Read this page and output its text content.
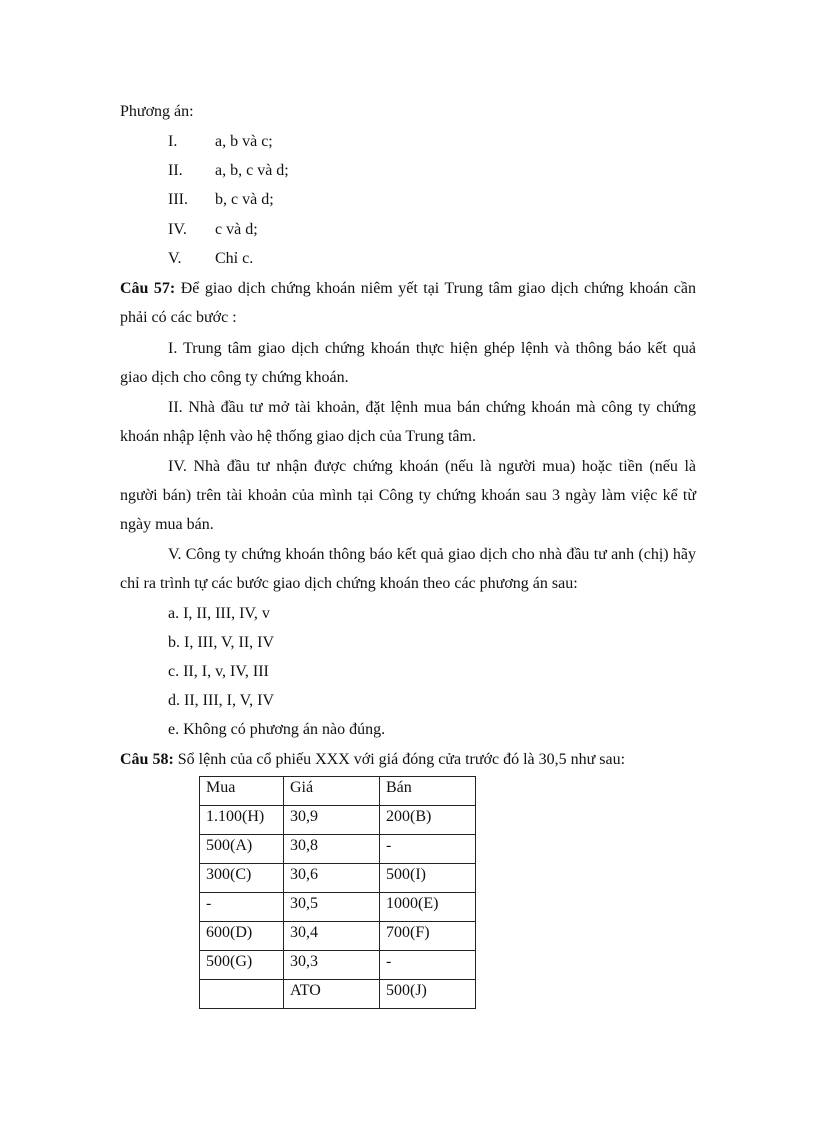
Phương án:
I. a, b và c;
II. a, b, c và d;
III. b, c và d;
IV. c và d;
V. Chỉ c.
Câu 57: Để giao dịch chứng khoán niêm yết tại Trung tâm giao dịch chứng khoán cần
phải có các bước :
I. Trung tâm giao dịch chứng khoán thực hiện ghép lệnh và thông báo kết quả
giao dịch cho công ty chứng khoán.
II. Nhà đầu tư mở tài khoản, đặt lệnh mua bán chứng khoán mà công ty chứng
khoán nhập lệnh vào hệ thống giao dịch của Trung tâm.
IV. Nhà đầu tư nhận được chứng khoán (nếu là người mua) hoặc tiền (nếu là
người bán) trên tài khoản của mình tại Công ty chứng khoán sau 3 ngày làm việc kể từ
ngày mua bán.
V. Công ty chứng khoán thông báo kết quả giao dịch cho nhà đầu tư anh (chị) hãy
chỉ ra trình tự các bước giao dịch chứng khoán theo các phương án sau:
a. I, II, III, IV, v
b. I, III, V, II, IV
c. II, I, v, IV, III
d. II, III, I, V, IV
e. Không có phương án nào đúng.
Câu 58: Sổ lệnh của cổ phiếu XXX với giá đóng cửa trước đó là 30,5 như sau:
Mua	Giá	Bán
1.100(H)	30,9	200(B)
500(A)	30,8	-
300(C)	30,6	500(I)
-	30,5	1000(E)
600(D)	30,4	700(F)
500(G)	30,3	-
	ATO	500(J)
